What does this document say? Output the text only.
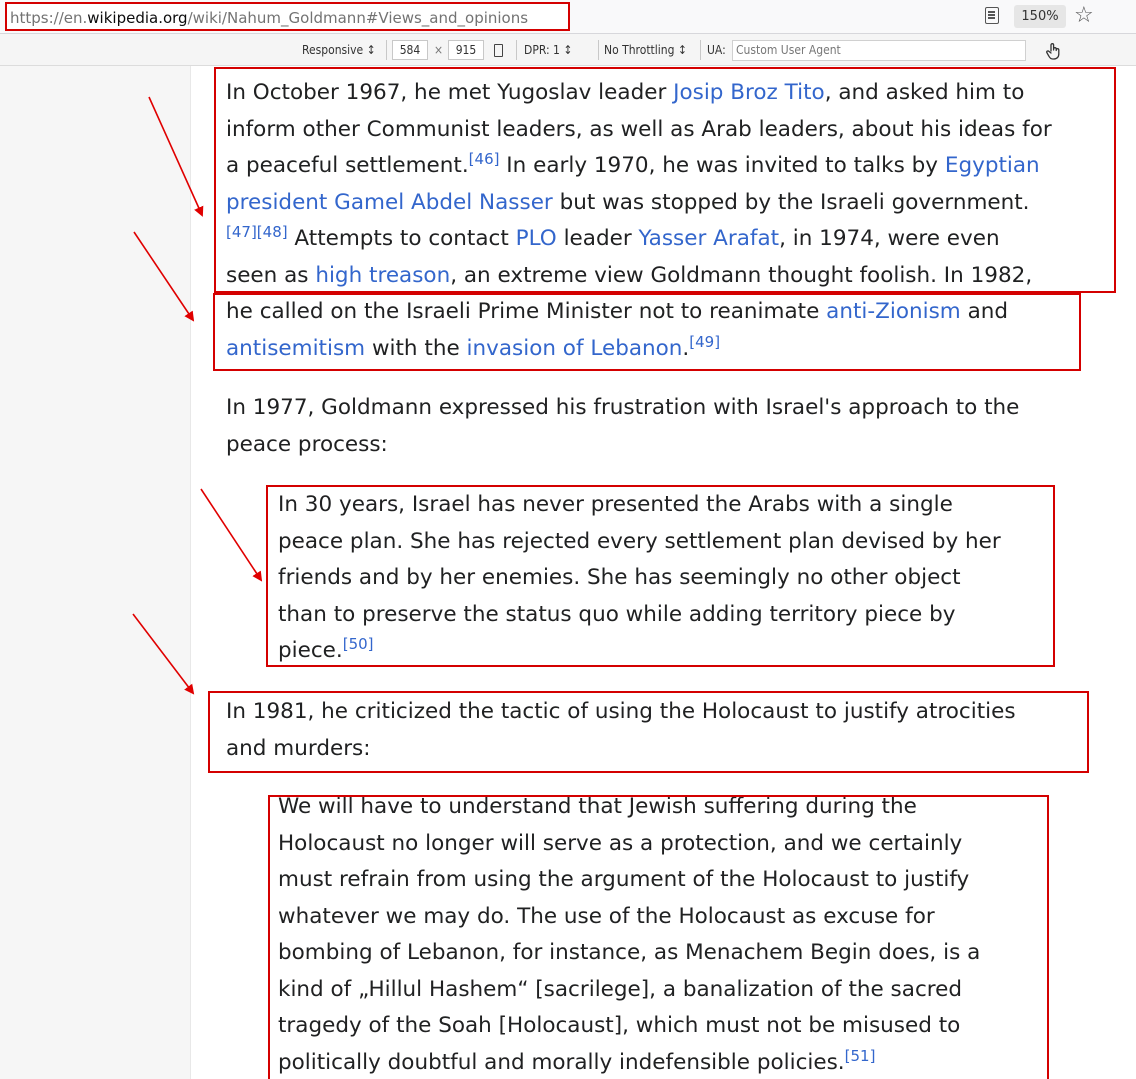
https://en.wikipedia.org/wiki/Nahum_Goldmann#Views_and_opinions	150% ☆
Responsive ↕	584	×	915	DPR: 1 ↕	No Throttling ↕ UA: Custom User Agent
In October 1967, he met Yugoslav leader Josip Broz Tito, and asked him to
inform other Communist leaders, as well as Arab leaders, about his ideas for
a peaceful settlement.[46] In early 1970, he was invited to talks by Egyptian
president Gamel Abdel Nasser but was stopped by the Israeli government.
[47][48] Attempts to contact PLO leader Yasser Arafat, in 1974, were even
seen as high treason, an extreme view Goldmann thought foolish. In 1982,
he called on the Israeli Prime Minister not to reanimate anti-Zionism and
antisemitism with the invasion of Lebanon.[49]
In 1977, Goldmann expressed his frustration with Israel's approach to the
peace process:
In 30 years, Israel has never presented the Arabs with a single
peace plan. She has rejected every settlement plan devised by her
friends and by her enemies. She has seemingly no other object
than to preserve the status quo while adding territory piece by
piece.[50]
In 1981, he criticized the tactic of using the Holocaust to justify atrocities
and murders:
We will have to understand that Jewish suffering during the
Holocaust no longer will serve as a protection, and we certainly
must refrain from using the argument of the Holocaust to justify
whatever we may do. The use of the Holocaust as excuse for
bombing of Lebanon, for instance, as Menachem Begin does, is a
kind of „Hillul Hashem“ [sacrilege], a banalization of the sacred
tragedy of the Soah [Holocaust], which must not be misused to
politically doubtful and morally indefensible policies.[51]
